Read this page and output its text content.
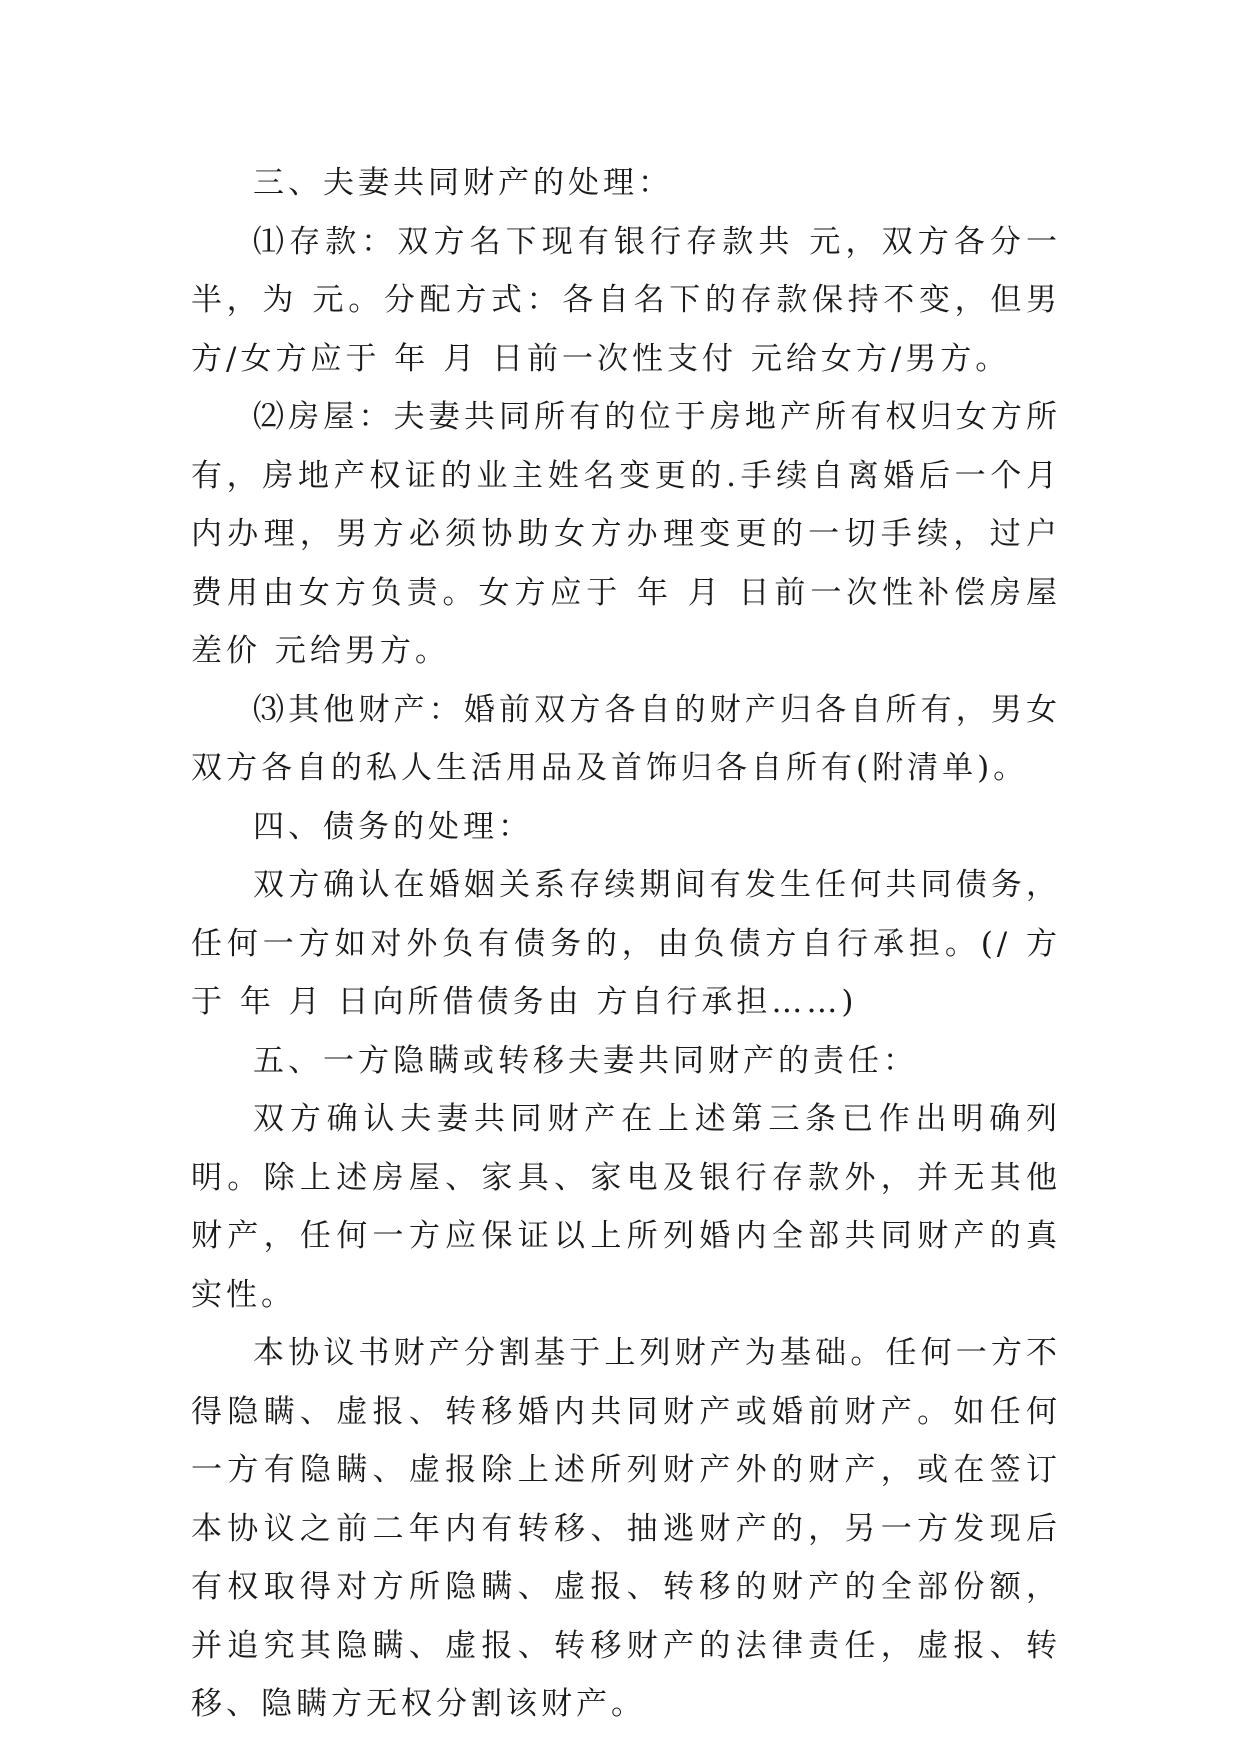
三、夫妻共同财产的处理：

⑴存款：双方名下现有银行存款共 元，双方各分一半，为 元。分配方式：各自名下的存款保持不变，但男方/女方应于 年 月 日前一次性支付 元给女方/男方。

⑵房屋：夫妻共同所有的位于房地产所有权归女方所有，房地产权证的业主姓名变更的.手续自离婚后一个月内办理，男方必须协助女方办理变更的一切手续，过户费用由女方负责。女方应于 年 月 日前一次性补偿房屋差价 元给男方。

⑶其他财产：婚前双方各自的财产归各自所有，男女双方各自的私人生活用品及首饰归各自所有(附清单)。

四、债务的处理：

双方确认在婚姻关系存续期间有发生任何共同债务，任何一方如对外负有债务的，由负债方自行承担。(/ 方于 年 月 日向所借债务由 方自行承担……)

五、一方隐瞒或转移夫妻共同财产的责任：

双方确认夫妻共同财产在上述第三条已作出明确列明。除上述房屋、家具、家电及银行存款外，并无其他财产，任何一方应保证以上所列婚内全部共同财产的真实性。

本协议书财产分割基于上列财产为基础。任何一方不得隐瞒、虚报、转移婚内共同财产或婚前财产。如任何一方有隐瞒、虚报除上述所列财产外的财产，或在签订本协议之前二年内有转移、抽逃财产的，另一方发现后有权取得对方所隐瞒、虚报、转移的财产的全部份额，并追究其隐瞒、虚报、转移财产的法律责任，虚报、转移、隐瞒方无权分割该财产。
